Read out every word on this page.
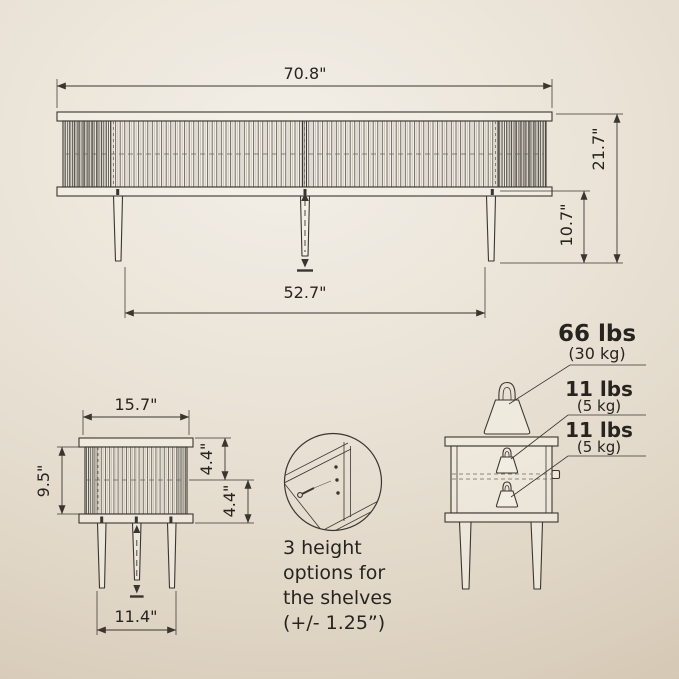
70.8"
21.7"
10.7"
52.7"
15.7"
9.5"
4.4"
4.4"
11.4"
3 height
options for
the shelves
(+/- 1.25”)
66 lbs
(30 kg)
11 lbs
(5 kg)
11 lbs
(5 kg)
